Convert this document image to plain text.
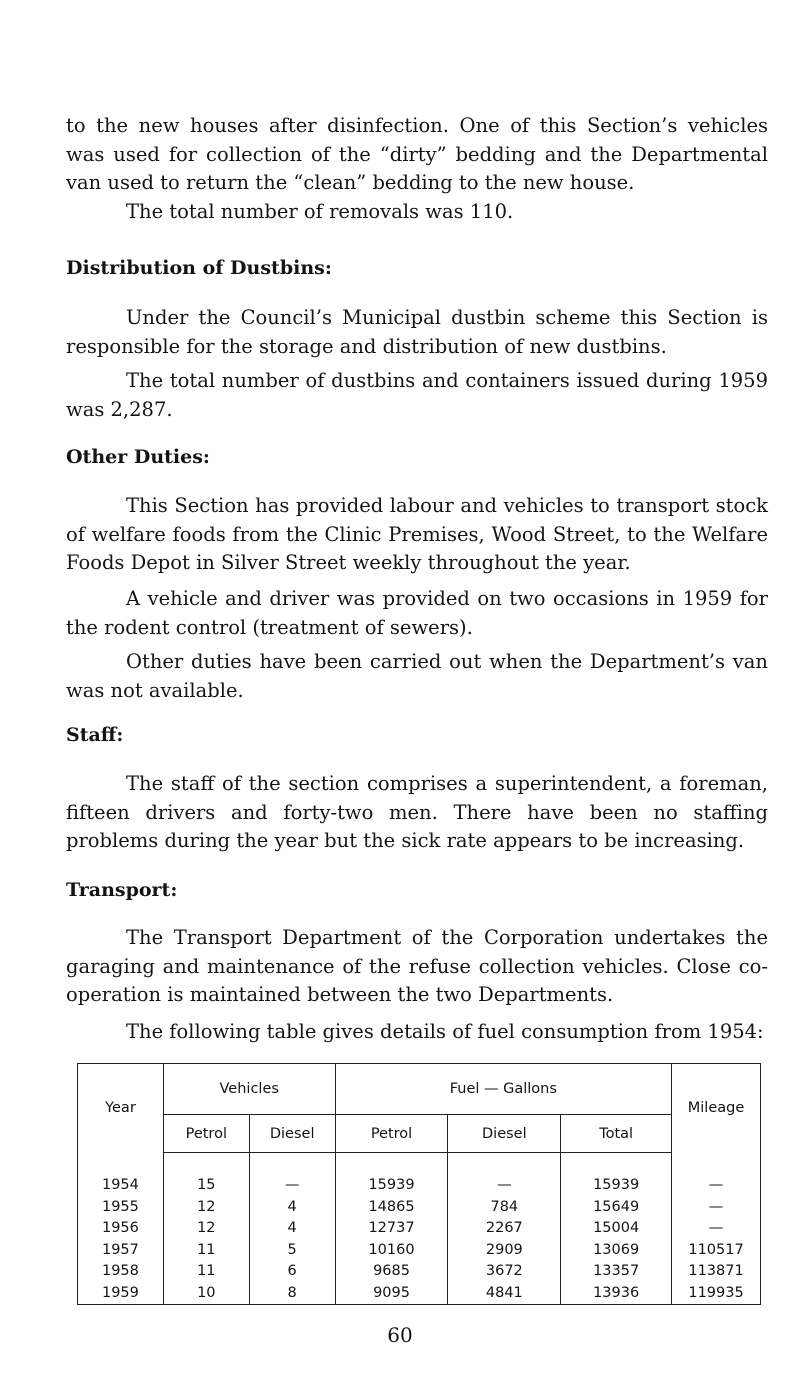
to the new houses after disinfection. One of this Section’s vehicles was used for collection of the “dirty” bedding and the Departmental van used to return the “clean” bedding to the new house.

The total number of removals was 110.

Distribution of Dustbins:

Under the Council’s Municipal dustbin scheme this Section is responsible for the storage and distribution of new dustbins.

The total number of dustbins and containers issued during 1959 was 2,287.

Other Duties:

This Section has provided labour and vehicles to transport stock of welfare foods from the Clinic Premises, Wood Street, to the Welfare Foods Depot in Silver Street weekly throughout the year.

A vehicle and driver was provided on two occasions in 1959 for the rodent control (treatment of sewers).

Other duties have been carried out when the Department’s van was not available.

Staff:

The staff of the section comprises a superintendent, a foreman, fifteen drivers and forty-two men. There have been no staffing problems during the year but the sick rate appears to be increasing.

Transport:

The Transport Department of the Corporation undertakes the garaging and maintenance of the refuse collection vehicles. Close co-operation is maintained between the two Departments.

The following table gives details of fuel consumption from 1954:

Year	Vehicles		Fuel — Gallons			Mileage
	Petrol	Diesel	Petrol	Diesel	Total	

1954	15	—	15939	—	15939	—
1955	12	4	14865	784	15649	—
1956	12	4	12737	2267	15004	—
1957	11	5	10160	2909	13069	110517
1958	11	6	9685	3672	13357	113871
1959	10	8	9095	4841	13936	119935
60
